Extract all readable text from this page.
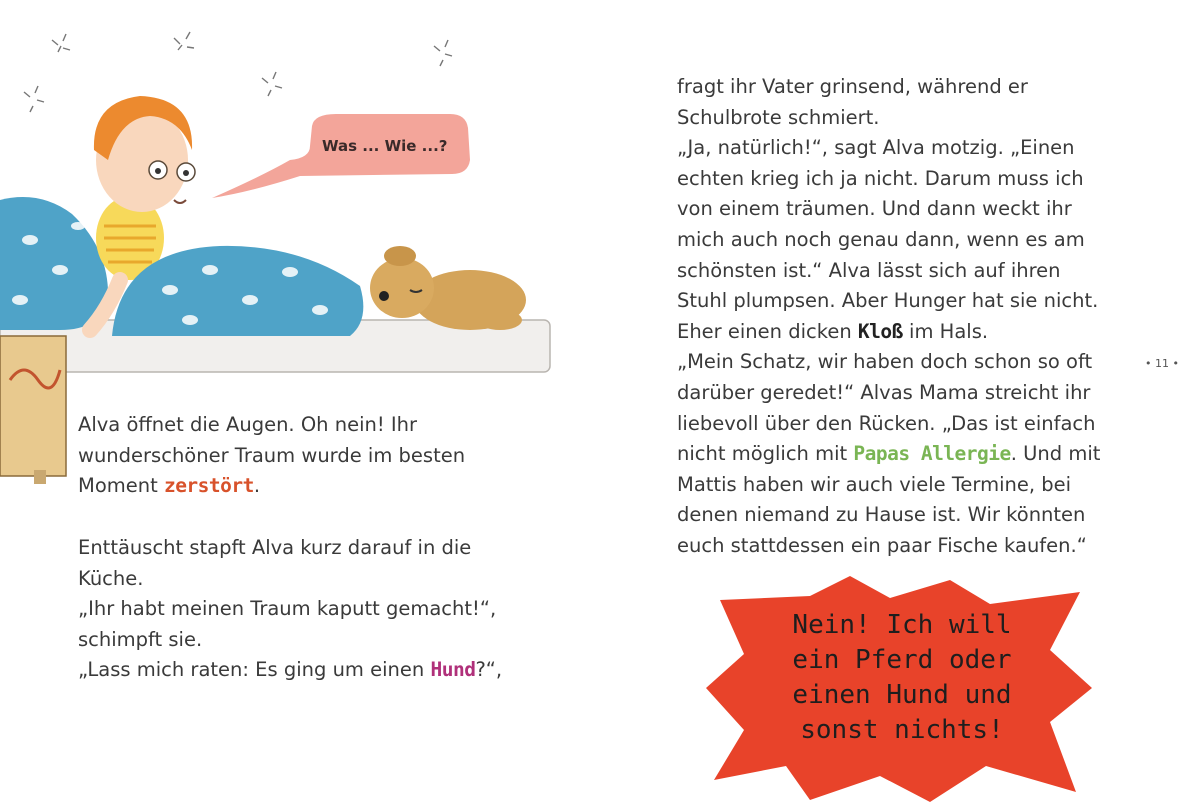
Was ... Wie ...?
Alva öffnet die Augen. Oh nein! Ihr
wunderschöner Traum wurde im besten
Moment zerstört.
Enttäuscht stapft Alva kurz darauf in die
Küche.
„Ihr habt meinen Traum kaputt gemacht!“,
schimpft sie.
„Lass mich raten: Es ging um einen Hund?“,
fragt ihr Vater grinsend, während er
Schulbrote schmiert.
„Ja, natürlich!“, sagt Alva motzig. „Einen
echten krieg ich ja nicht. Darum muss ich
von einem träumen. Und dann weckt ihr
mich auch noch genau dann, wenn es am
schönsten ist.“ Alva lässt sich auf ihren
Stuhl plumpsen. Aber Hunger hat sie nicht.
Eher einen dicken Kloß im Hals.
„Mein Schatz, wir haben doch schon so oft
darüber geredet!“ Alvas Mama streicht ihr
liebevoll über den Rücken. „Das ist einfach
nicht möglich mit Papas Allergie. Und mit
Mattis haben wir auch viele Termine, bei
denen niemand zu Hause ist. Wir könnten
euch stattdessen ein paar Fische kaufen.“
• 11 •
Nein! Ich will
ein Pferd oder
einen Hund und
sonst nichts!
